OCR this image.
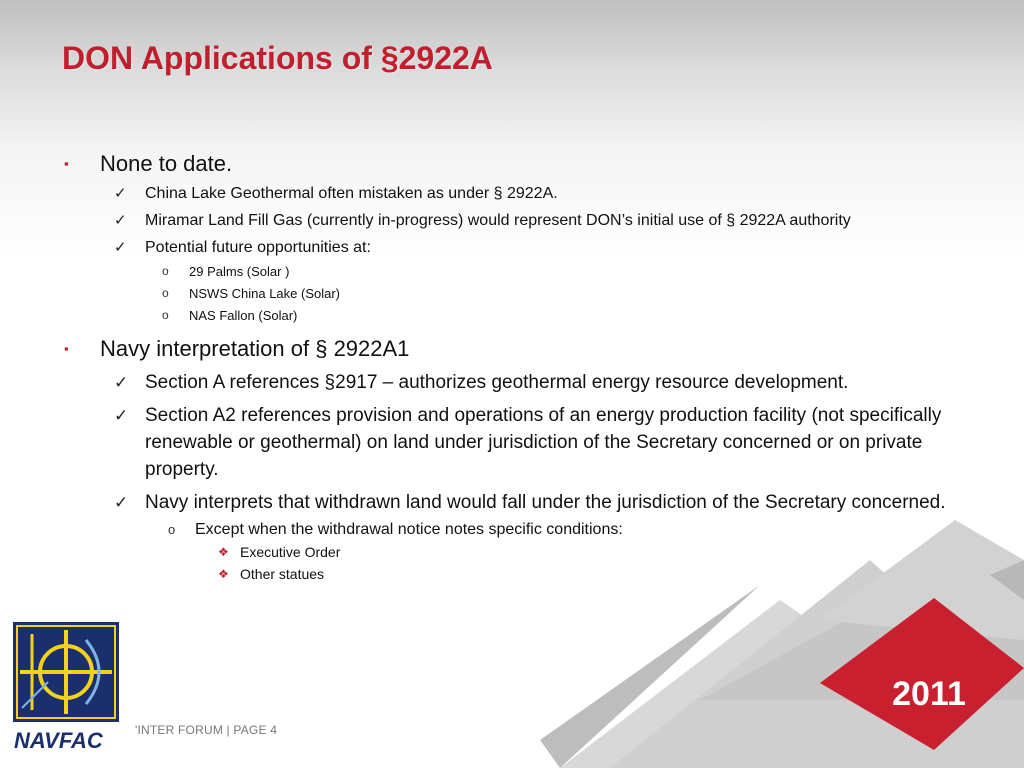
2011
DON Applications of §2922A
▪ None to date.
✓ China Lake Geothermal often mistaken as under § 2922A.
✓ Miramar Land Fill Gas (currently in-progress) would represent DON’s initial use of § 2922A authority
✓ Potential future opportunities at:
o 29 Palms (Solar )
o NSWS China Lake (Solar)
o NAS Fallon (Solar)
▪ Navy interpretation of § 2922A1
✓ Section A references §2917 – authorizes geothermal energy resource development.
✓ Section A2 references provision and operations of an energy production facility (not specifically renewable or geothermal) on land under jurisdiction of the Secretary concerned or on private property.
✓ Navy interprets that withdrawn land would fall under the jurisdiction of the Secretary concerned.
o Except when the withdrawal notice notes specific conditions:
❖ Executive Order
❖ Other statues
NAVFAC	'INTER FORUM | PAGE 4
